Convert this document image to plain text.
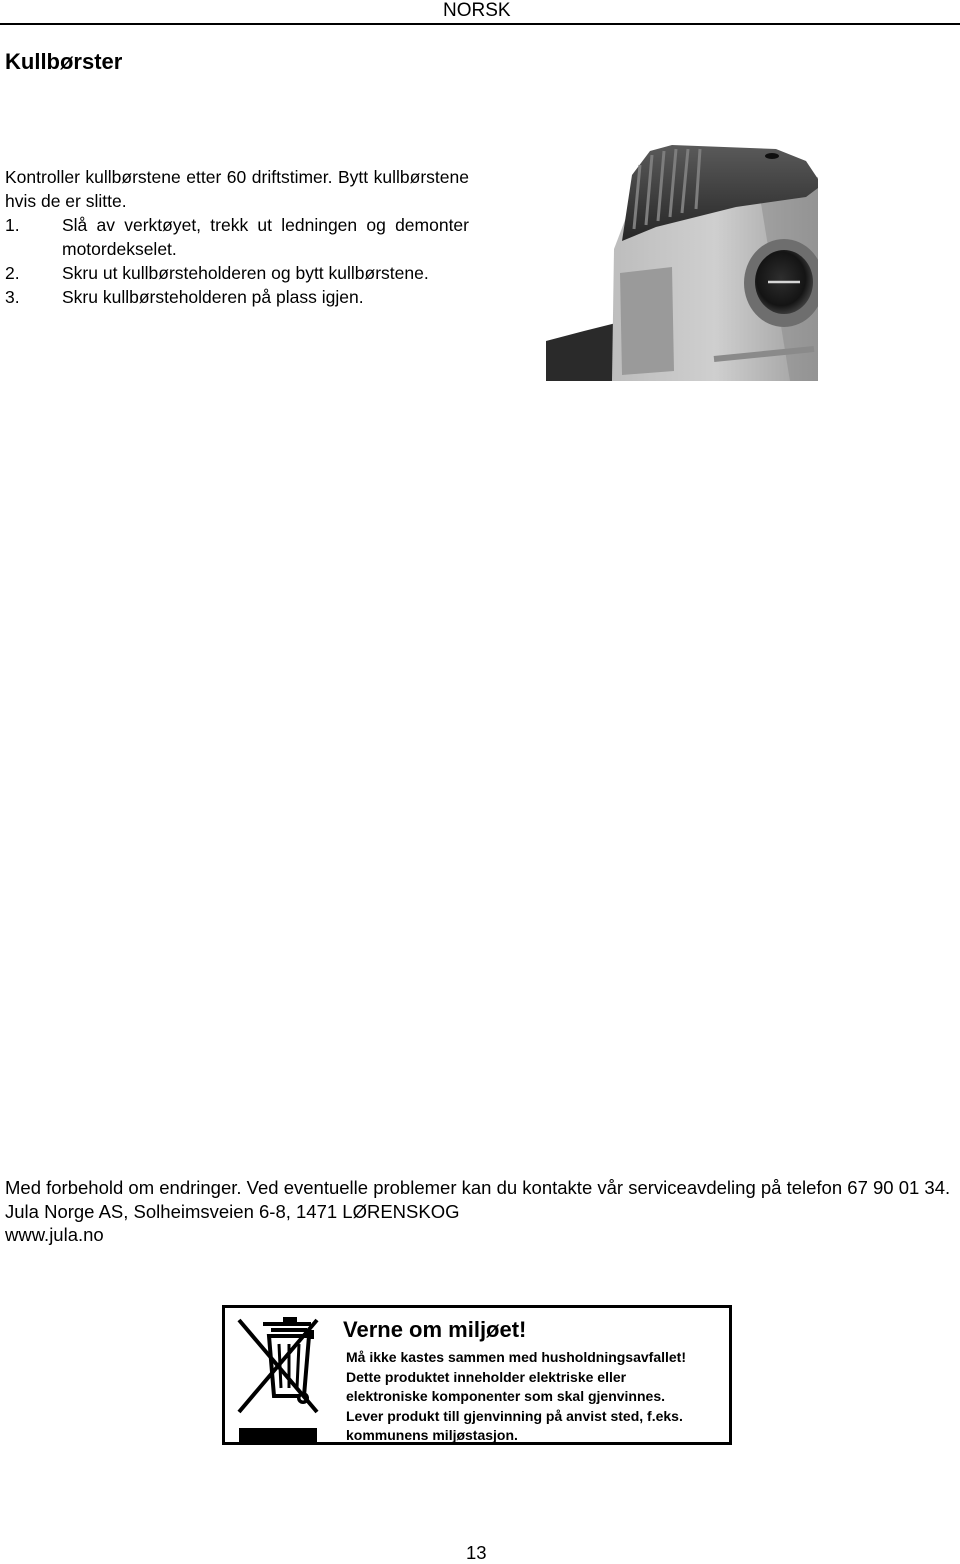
NORSK
Kullbørster

Kontroller kullbørstene etter 60 driftstimer. Bytt kullbørstene hvis de er slitte.

1. Slå av verktøyet, trekk ut ledningen og demonter motordekselet.
2. Skru ut kullbørsteholderen og bytt kullbørstene.
3. Skru kullbørsteholderen på plass igjen.

Med forbehold om endringer. Ved eventuelle problemer kan du kontakte vår serviceavdeling på telefon 67 90 01 34.

Jula Norge AS, Solheimsveien 6-8, 1471 LØRENSKOG

www.jula.no

Verne om miljøet!

Må ikke kastes sammen med husholdningsavfallet!

Dette produktet inneholder elektriske eller

elektroniske komponenter som skal gjenvinnes.

Lever produkt till gjenvinning på anvist sted, f.eks.

kommunens miljøstasjon.

13
